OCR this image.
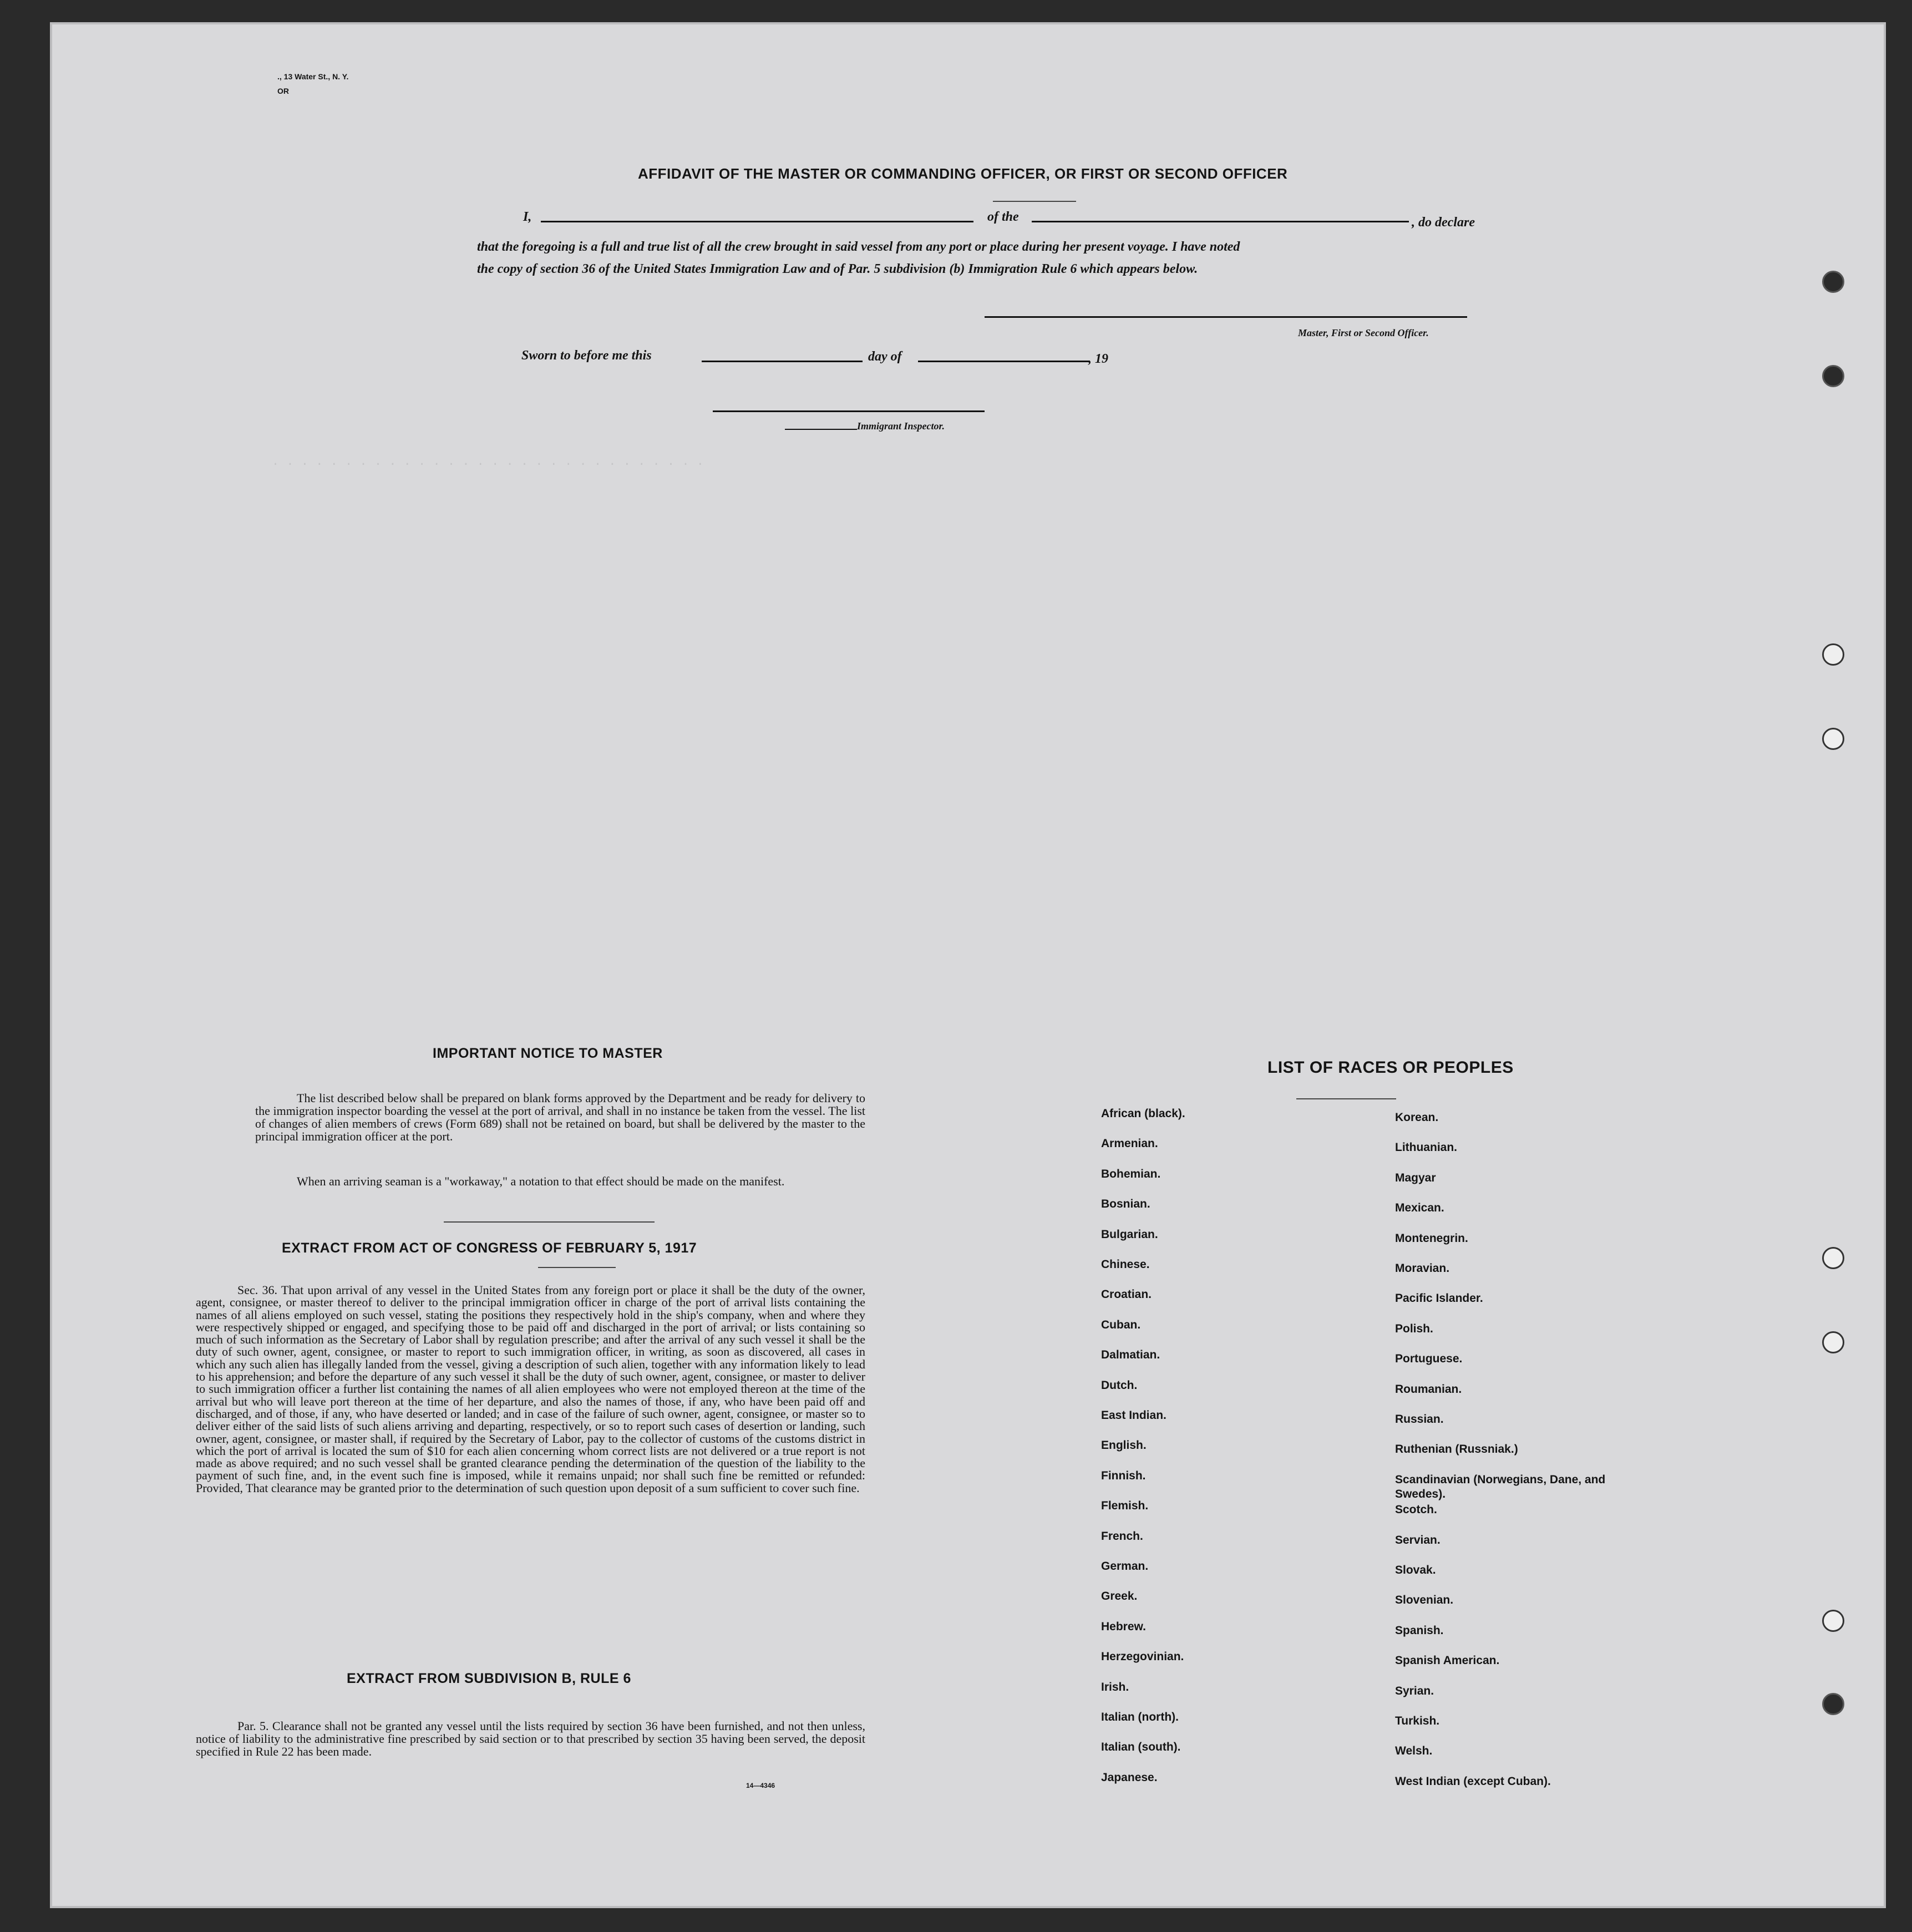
., 13 Water St., N. Y.
OR
AFFIDAVIT OF THE MASTER OR COMMANDING OFFICER, OR FIRST OR SECOND OFFICER
I,	of the	, do declare
that the foregoing is a full and true list of all the crew brought in said vessel from any port or place during her present voyage. I have noted
the copy of section 36 of the United States Immigration Law and of Par. 5 subdivision (b) Immigration Rule 6 which appears below.
Master, First or Second Officer.
Sworn to before me this	day of	, 19
Immigrant Inspector.
. . . . . . . . . . . . . . . . . . . . . . . . . . . . . .
IMPORTANT NOTICE TO MASTER
The list described below shall be prepared on blank forms approved by the Department and be ready for delivery to the immigration inspector boarding the vessel at the port of arrival, and shall in no instance be taken from the vessel. The list of changes of alien members of crews (Form 689) shall not be retained on board, but shall be delivered by the master to the principal immigration officer at the port.
When an arriving seaman is a "workaway," a notation to that effect should be made on the manifest.
EXTRACT FROM ACT OF CONGRESS OF FEBRUARY 5, 1917
Sec. 36. That upon arrival of any vessel in the United States from any foreign port or place it shall be the duty of the owner, agent, consignee, or master thereof to deliver to the principal immigration officer in charge of the port of arrival lists containing the names of all aliens employed on such vessel, stating the positions they respectively hold in the ship's company, when and where they were respectively shipped or engaged, and specifying those to be paid off and discharged in the port of arrival; or lists containing so much of such information as the Secretary of Labor shall by regulation prescribe; and after the arrival of any such vessel it shall be the duty of such owner, agent, consignee, or master to report to such immigration officer, in writing, as soon as discovered, all cases in which any such alien has illegally landed from the vessel, giving a description of such alien, together with any information likely to lead to his apprehension; and before the departure of any such vessel it shall be the duty of such owner, agent, consignee, or master to deliver to such immigration officer a further list containing the names of all alien employees who were not employed thereon at the time of the arrival but who will leave port thereon at the time of her departure, and also the names of those, if any, who have been paid off and discharged, and of those, if any, who have deserted or landed; and in case of the failure of such owner, agent, consignee, or master so to deliver either of the said lists of such aliens arriving and departing, respectively, or so to report such cases of desertion or landing, such owner, agent, consignee, or master shall, if required by the Secretary of Labor, pay to the collector of customs of the customs district in which the port of arrival is located the sum of $10 for each alien concerning whom correct lists are not delivered or a true report is not made as above required; and no such vessel shall be granted clearance pending the determination of the question of the liability to the payment of such fine, and, in the event such fine is imposed, while it remains unpaid; nor shall such fine be remitted or refunded: Provided, That clearance may be granted prior to the determination of such question upon deposit of a sum sufficient to cover such fine.
EXTRACT FROM SUBDIVISION B, RULE 6
Par. 5. Clearance shall not be granted any vessel until the lists required by section 36 have been furnished, and not then unless, notice of liability to the administrative fine prescribed by said section or to that prescribed by section 35 having been served, the deposit specified in Rule 22 has been made.
14—4346
LIST OF RACES OR PEOPLES
African (black).
Armenian.
Bohemian.
Bosnian.
Bulgarian.
Chinese.
Croatian.
Cuban.
Dalmatian.
Dutch.
East Indian.
English.
Finnish.
Flemish.
French.
German.
Greek.
Hebrew.
Herzegovinian.
Irish.
Italian (north).
Italian (south).
Japanese.
Korean.
Lithuanian.
Magyar
Mexican.
Montenegrin.
Moravian.
Pacific Islander.
Polish.
Portuguese.
Roumanian.
Russian.
Ruthenian (Russniak.)
Scandinavian (Norwegians, Dane, and Swedes).
Scotch.
Servian.
Slovak.
Slovenian.
Spanish.
Spanish American.
Syrian.
Turkish.
Welsh.
West Indian (except Cuban).
